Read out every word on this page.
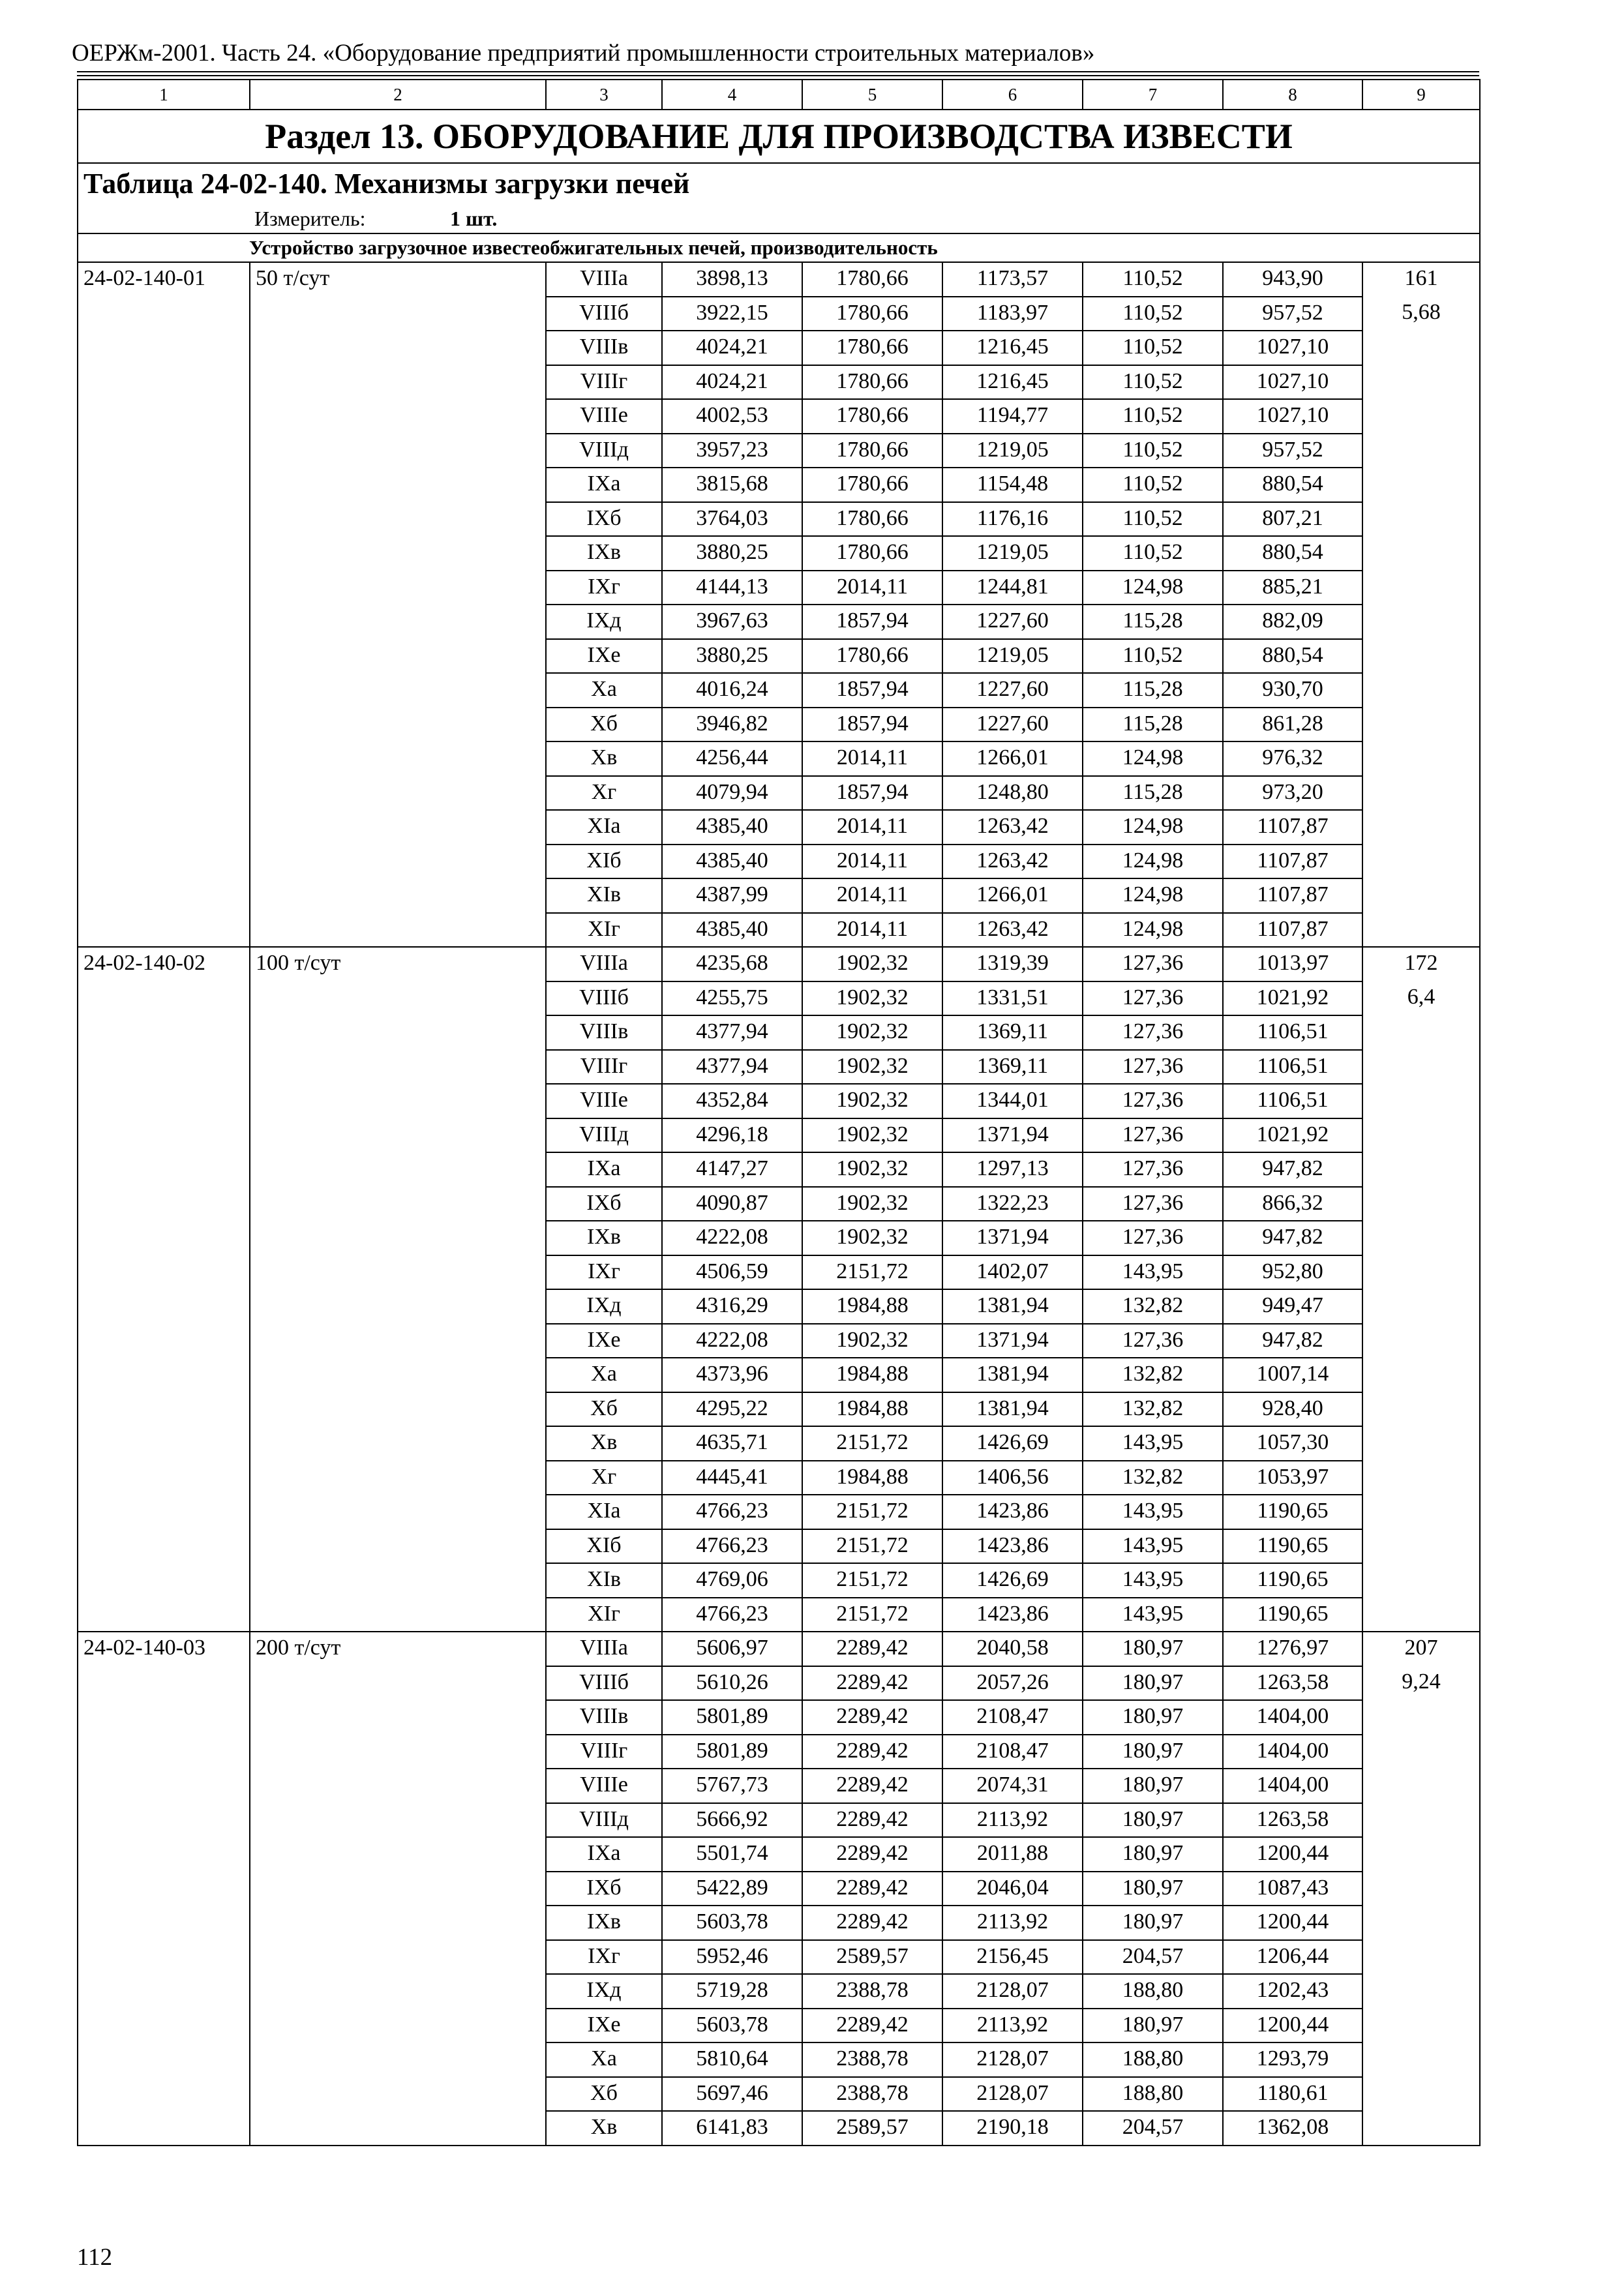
ОЕРЖм-2001. Часть 24. «Оборудование предприятий промышленности строительных материалов»
1	2	3	4	5	6	7	8	9
Раздел 13. ОБОРУДОВАНИЕ ДЛЯ ПРОИЗВОДСТВА ИЗВЕСТИ								
Таблица 24-02-140. Механизмы загрузки печей								
Измеритель: 1 шт.								
Устройство загрузочное известеобжигательных печей, производительность								
24-02-140-01	50 т/сут	VIIIа	3898,13	1780,66	1173,57	110,52	943,90	161
		VIIIб	3922,15	1780,66	1183,97	110,52	957,52	5,68
		VIIIв	4024,21	1780,66	1216,45	110,52	1027,10	
		VIIIг	4024,21	1780,66	1216,45	110,52	1027,10	
		VIIIе	4002,53	1780,66	1194,77	110,52	1027,10	
		VIIIд	3957,23	1780,66	1219,05	110,52	957,52	
		IXа	3815,68	1780,66	1154,48	110,52	880,54	
		IXб	3764,03	1780,66	1176,16	110,52	807,21	
		IXв	3880,25	1780,66	1219,05	110,52	880,54	
		IXг	4144,13	2014,11	1244,81	124,98	885,21	
		IXд	3967,63	1857,94	1227,60	115,28	882,09	
		IXе	3880,25	1780,66	1219,05	110,52	880,54	
		Xа	4016,24	1857,94	1227,60	115,28	930,70	
		Xб	3946,82	1857,94	1227,60	115,28	861,28	
		Xв	4256,44	2014,11	1266,01	124,98	976,32	
		Xг	4079,94	1857,94	1248,80	115,28	973,20	
		XIа	4385,40	2014,11	1263,42	124,98	1107,87	
		XIб	4385,40	2014,11	1263,42	124,98	1107,87	
		XIв	4387,99	2014,11	1266,01	124,98	1107,87	
		XIг	4385,40	2014,11	1263,42	124,98	1107,87	
24-02-140-02	100 т/сут	VIIIа	4235,68	1902,32	1319,39	127,36	1013,97	172
		VIIIб	4255,75	1902,32	1331,51	127,36	1021,92	6,4
		VIIIв	4377,94	1902,32	1369,11	127,36	1106,51	
		VIIIг	4377,94	1902,32	1369,11	127,36	1106,51	
		VIIIе	4352,84	1902,32	1344,01	127,36	1106,51	
		VIIIд	4296,18	1902,32	1371,94	127,36	1021,92	
		IXа	4147,27	1902,32	1297,13	127,36	947,82	
		IXб	4090,87	1902,32	1322,23	127,36	866,32	
		IXв	4222,08	1902,32	1371,94	127,36	947,82	
		IXг	4506,59	2151,72	1402,07	143,95	952,80	
		IXд	4316,29	1984,88	1381,94	132,82	949,47	
		IXе	4222,08	1902,32	1371,94	127,36	947,82	
		Xа	4373,96	1984,88	1381,94	132,82	1007,14	
		Xб	4295,22	1984,88	1381,94	132,82	928,40	
		Xв	4635,71	2151,72	1426,69	143,95	1057,30	
		Xг	4445,41	1984,88	1406,56	132,82	1053,97	
		XIа	4766,23	2151,72	1423,86	143,95	1190,65	
		XIб	4766,23	2151,72	1423,86	143,95	1190,65	
		XIв	4769,06	2151,72	1426,69	143,95	1190,65	
		XIг	4766,23	2151,72	1423,86	143,95	1190,65	
24-02-140-03	200 т/сут	VIIIа	5606,97	2289,42	2040,58	180,97	1276,97	207
		VIIIб	5610,26	2289,42	2057,26	180,97	1263,58	9,24
		VIIIв	5801,89	2289,42	2108,47	180,97	1404,00	
		VIIIг	5801,89	2289,42	2108,47	180,97	1404,00	
		VIIIе	5767,73	2289,42	2074,31	180,97	1404,00	
		VIIIд	5666,92	2289,42	2113,92	180,97	1263,58	
		IXа	5501,74	2289,42	2011,88	180,97	1200,44	
		IXб	5422,89	2289,42	2046,04	180,97	1087,43	
		IXв	5603,78	2289,42	2113,92	180,97	1200,44	
		IXг	5952,46	2589,57	2156,45	204,57	1206,44	
		IXд	5719,28	2388,78	2128,07	188,80	1202,43	
		IXе	5603,78	2289,42	2113,92	180,97	1200,44	
		Xа	5810,64	2388,78	2128,07	188,80	1293,79	
		Xб	5697,46	2388,78	2128,07	188,80	1180,61	
		Xв	6141,83	2589,57	2190,18	204,57	1362,08	
112
